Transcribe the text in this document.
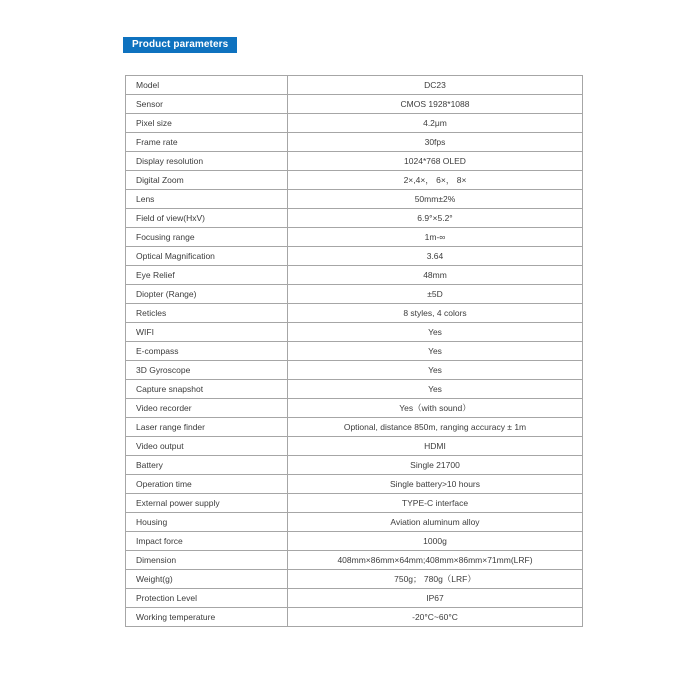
Product parameters
Model	DC23
Sensor	CMOS 1928*1088
Pixel size	4.2μm
Frame rate	30fps
Display resolution	1024*768 OLED
Digital Zoom	2×,4×， 6×， 8×
Lens	50mm±2%
Field of view(HxV)	6.9°×5.2°
Focusing range	1m-∞
Optical Magnification	3.64
Eye Relief	48mm
Diopter (Range)	±5D
Reticles	8 styles, 4 colors
WIFI	Yes
E-compass	Yes
3D Gyroscope	Yes
Capture snapshot	Yes
Video recorder	Yes（with sound）
Laser range finder	Optional, distance 850m, ranging accuracy ± 1m
Video output	HDMI
Battery	Single 21700
Operation time	Single battery>10 hours
External power supply	TYPE-C interface
Housing	Aviation aluminum alloy
Impact force	1000g
Dimension	408mm×86mm×64mm;408mm×86mm×71mm(LRF)
Weight(g)	750g； 780g（LRF）
Protection Level	IP67
Working temperature	-20°C~60°C
